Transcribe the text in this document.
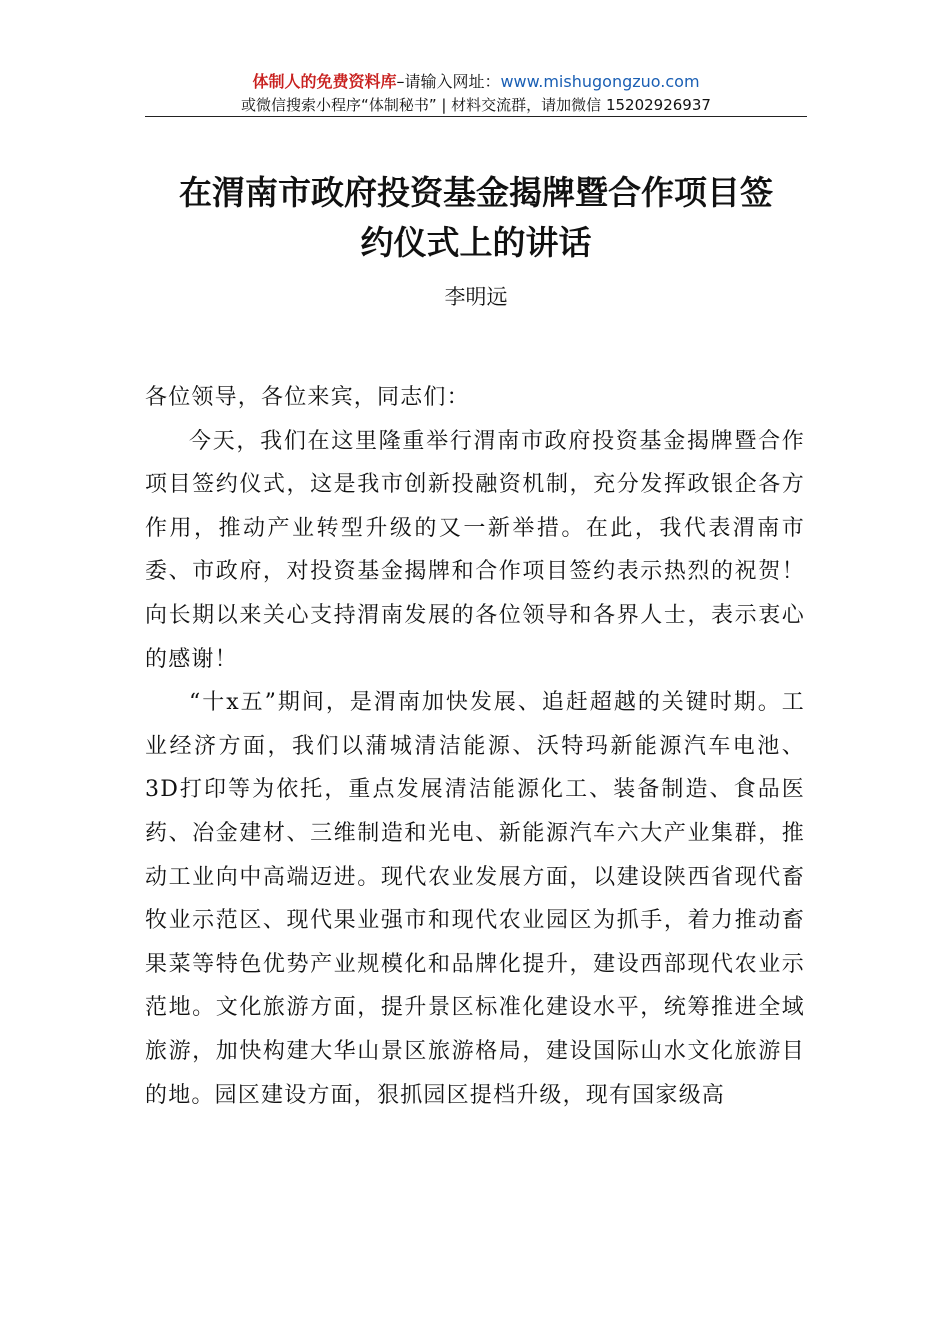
体制人的免费资料库–请输入网址：www.mishugongzuo.com
或微信搜索小程序“体制秘书” | 材料交流群，请加微信 15202926937
在渭南市政府投资基金揭牌暨合作项目签
约仪式上的讲话
李明远

各位领导，各位来宾，同志们：

今天，我们在这里隆重举行渭南市政府投资基金揭牌暨合作项目签约仪式，这是我市创新投融资机制，充分发挥政银企各方作用，推动产业转型升级的又一新举措。在此，我代表渭南市委、市政府，对投资基金揭牌和合作项目签约表示热烈的祝贺！向长期以来关心支持渭南发展的各位领导和各界人士，表示衷心的感谢！

“十x五”期间，是渭南加快发展、追赶超越的关键时期。工业经济方面，我们以蒲城清洁能源、沃特玛新能源汽车电池、3D打印等为依托，重点发展清洁能源化工、装备制造、食品医药、冶金建材、三维制造和光电、新能源汽车六大产业集群，推动工业向中高端迈进。现代农业发展方面，以建设陕西省现代畜牧业示范区、现代果业强市和现代农业园区为抓手，着力推动畜果菜等特色优势产业规模化和品牌化提升，建设西部现代农业示范地。文化旅游方面，提升景区标准化建设水平，统筹推进全域旅游，加快构建大华山景区旅游格局，建设国际山水文化旅游目的地。园区建设方面，狠抓园区提档升级，现有国家级高
